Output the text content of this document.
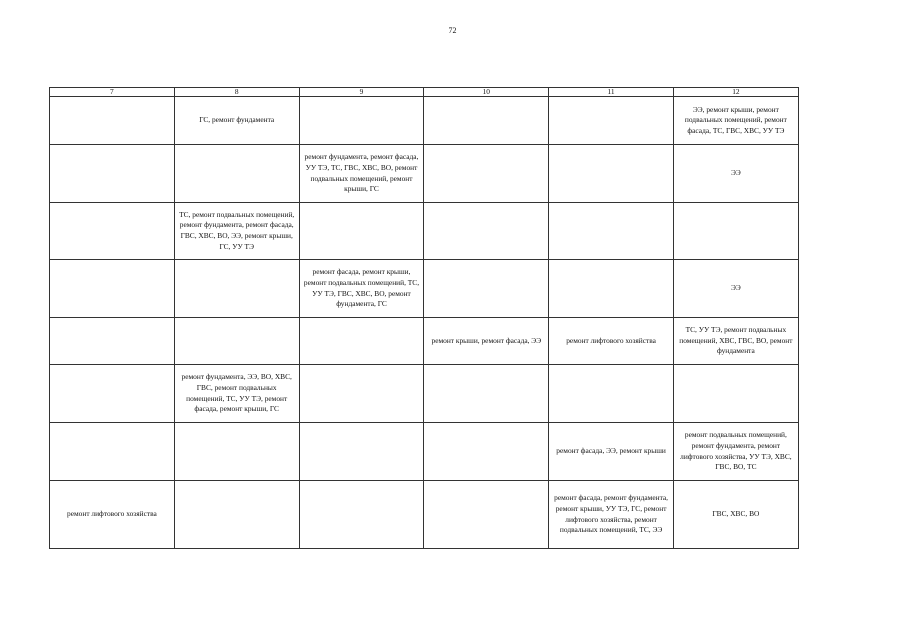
72
7	8	9	10	11	12
	ГС, ремонт фундамента				ЭЭ, ремонт крыши, ремонт подвальных помещений, ремонт фасада, ТС, ГВС, ХВС, УУ ТЭ
		ремонт фундамента, ремонт фасада, УУ ТЭ, ТС, ГВС, ХВС, ВО, ремонт подвальных помещений, ремонт крыши, ГС			ЭЭ
	ТС, ремонт подвальных помещений, ремонт фундамента, ремонт фасада, ГВС, ХВС, ВО, ЭЭ, ремонт крыши, ГС, УУ ТЭ				
		ремонт фасада, ремонт крыши, ремонт подвальных помещений, ТС, УУ ТЭ, ГВС, ХВС, ВО, ремонт фундамента, ГС			ЭЭ
			ремонт крыши, ремонт фасада, ЭЭ	ремонт лифтового хозяйства	ТС, УУ ТЭ, ремонт подвальных помещений, ХВС, ГВС, ВО, ремонт фундамента
	ремонт фундамента, ЭЭ, ВО, ХВС, ГВС, ремонт подвальных помещений, ТС, УУ ТЭ, ремонт фасада, ремонт крыши, ГС				
				ремонт фасада, ЭЭ, ремонт крыши	ремонт подвальных помещений, ремонт фундамента, ремонт лифтового хозяйства, УУ ТЭ, ХВС, ГВС, ВО, ТС
ремонт лифтового хозяйства				ремонт фасада, ремонт фундамента, ремонт крыши, УУ ТЭ, ГС, ремонт лифтового хозяйства, ремонт подвальных помещений, ТС, ЭЭ	ГВС, ХВС, ВО
